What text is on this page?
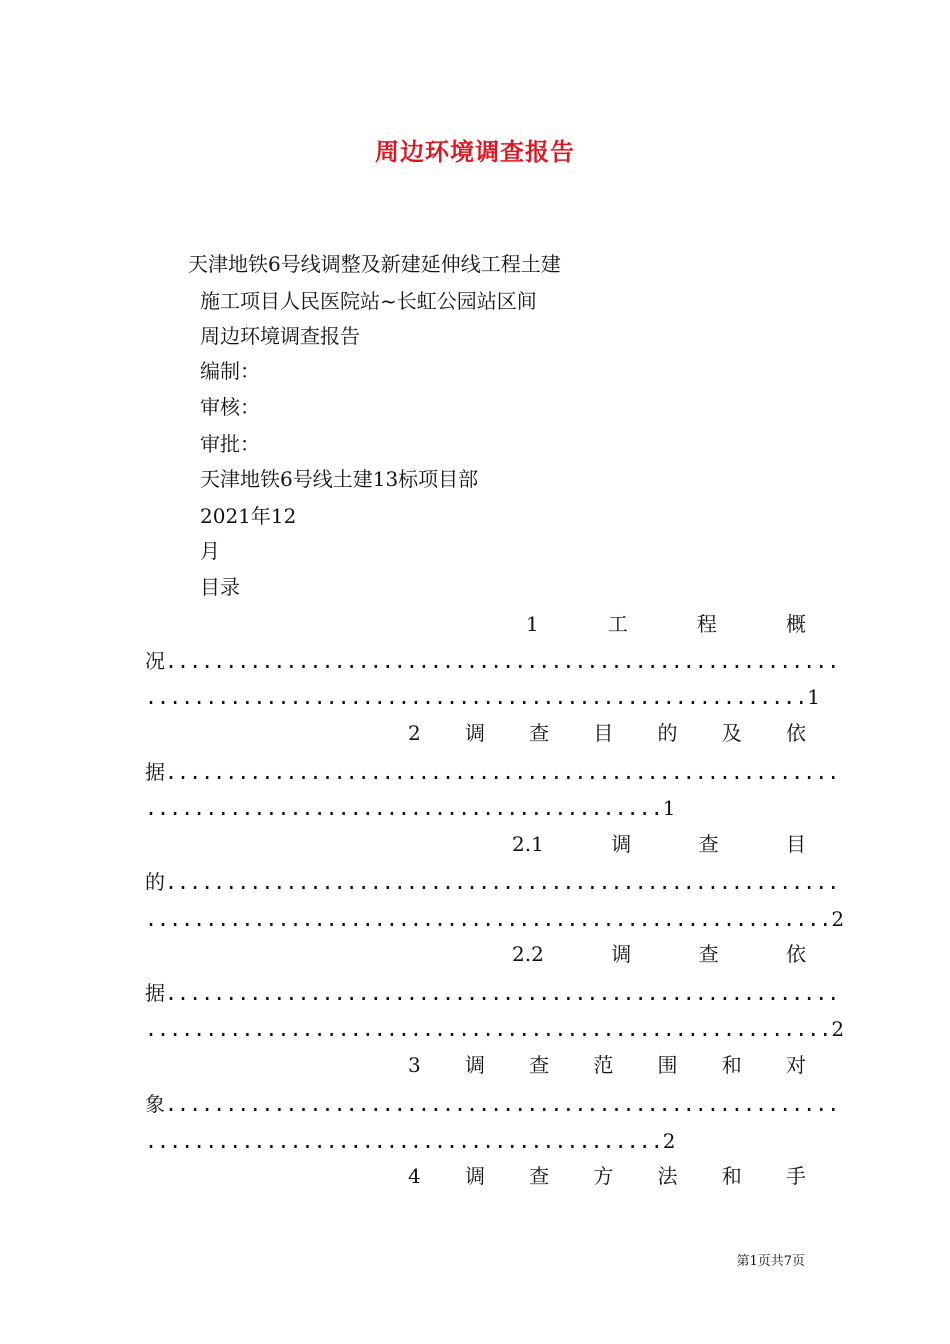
周边环境调查报告
天津地铁6号线调整及新建延伸线工程土建
施工项目人民医院站~长虹公园站区间
周边环境调查报告
编制：
审核：
审批：
天津地铁6号线土建13标项目部
2021年12
月
目录
1	工	程	概
况........................................................
.......................................................1
2 调 查 目 的 及 依
据........................................................
...........................................1
2.1	调	查	目
的........................................................
.........................................................2
2.2	调	查	依
据........................................................
.........................................................2
3 调 查 范 围 和 对
象........................................................
...........................................2
4 调 查 方 法 和 手
第1页共7页
